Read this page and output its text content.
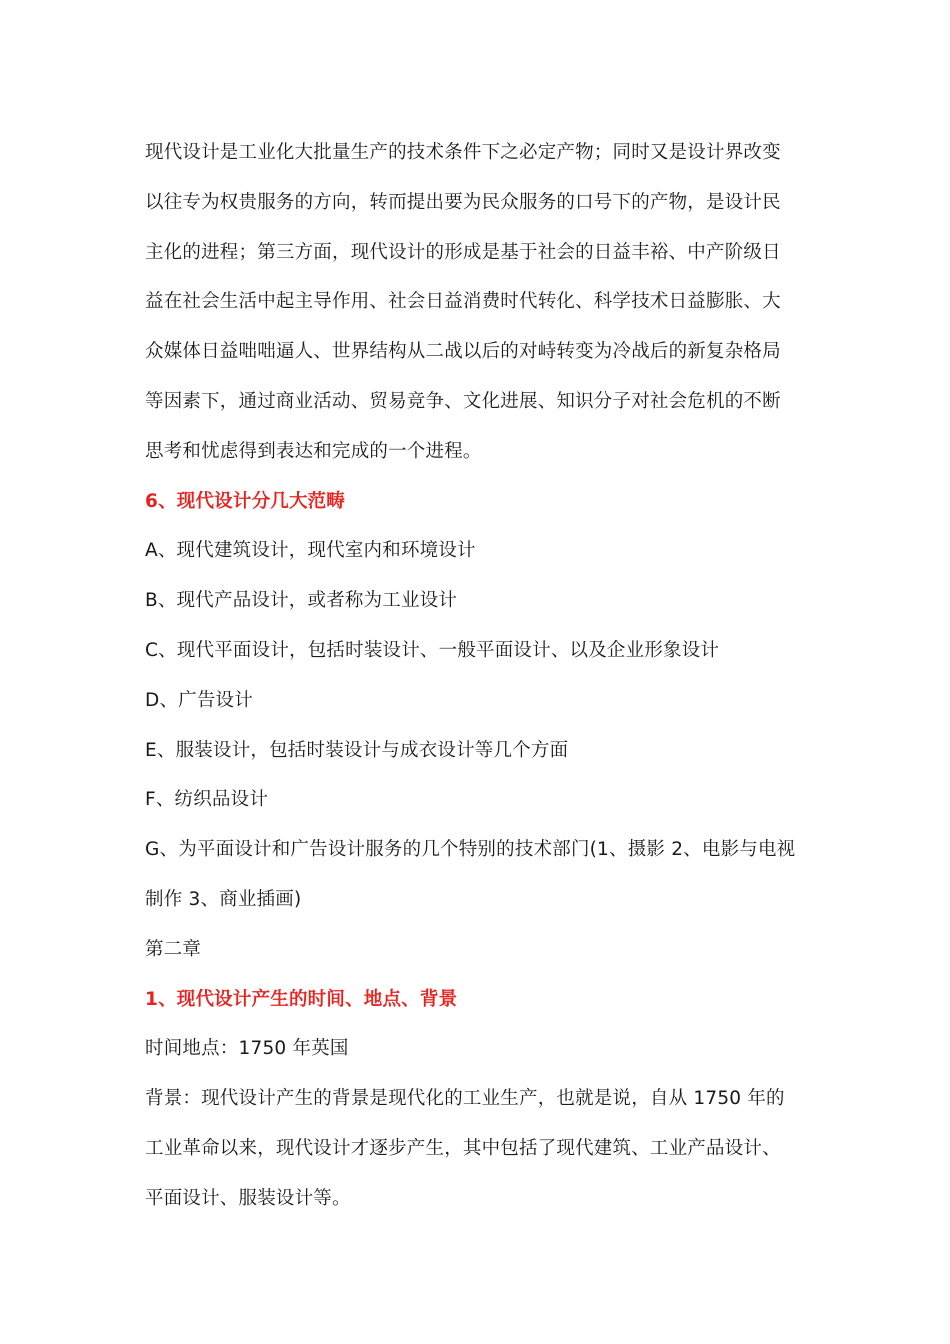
现代设计是工业化大批量生产的技术条件下之必定产物；同时又是设计界改变
以往专为权贵服务的方向，转而提出要为民众服务的口号下的产物，是设计民
主化的进程；第三方面，现代设计的形成是基于社会的日益丰裕、中产阶级日
益在社会生活中起主导作用、社会日益消费时代转化、科学技术日益膨胀、大
众媒体日益咄咄逼人、世界结构从二战以后的对峙转变为冷战后的新复杂格局
等因素下，通过商业活动、贸易竞争、文化进展、知识分子对社会危机的不断
思考和忧虑得到表达和完成的一个进程。
6、现代设计分几大范畴
A、现代建筑设计，现代室内和环境设计
B、现代产品设计，或者称为工业设计
C、现代平面设计，包括时装设计、一般平面设计、以及企业形象设计
D、广告设计
E、服装设计，包括时装设计与成衣设计等几个方面
F、纺织品设计
G、为平面设计和广告设计服务的几个特别的技术部门(1、摄影 2、电影与电视
制作 3、商业插画)
第二章
1、现代设计产生的时间、地点、背景
时间地点：1750 年英国
背景：现代设计产生的背景是现代化的工业生产，也就是说，自从 1750 年的
工业革命以来，现代设计才逐步产生，其中包括了现代建筑、工业产品设计、
平面设计、服装设计等。
